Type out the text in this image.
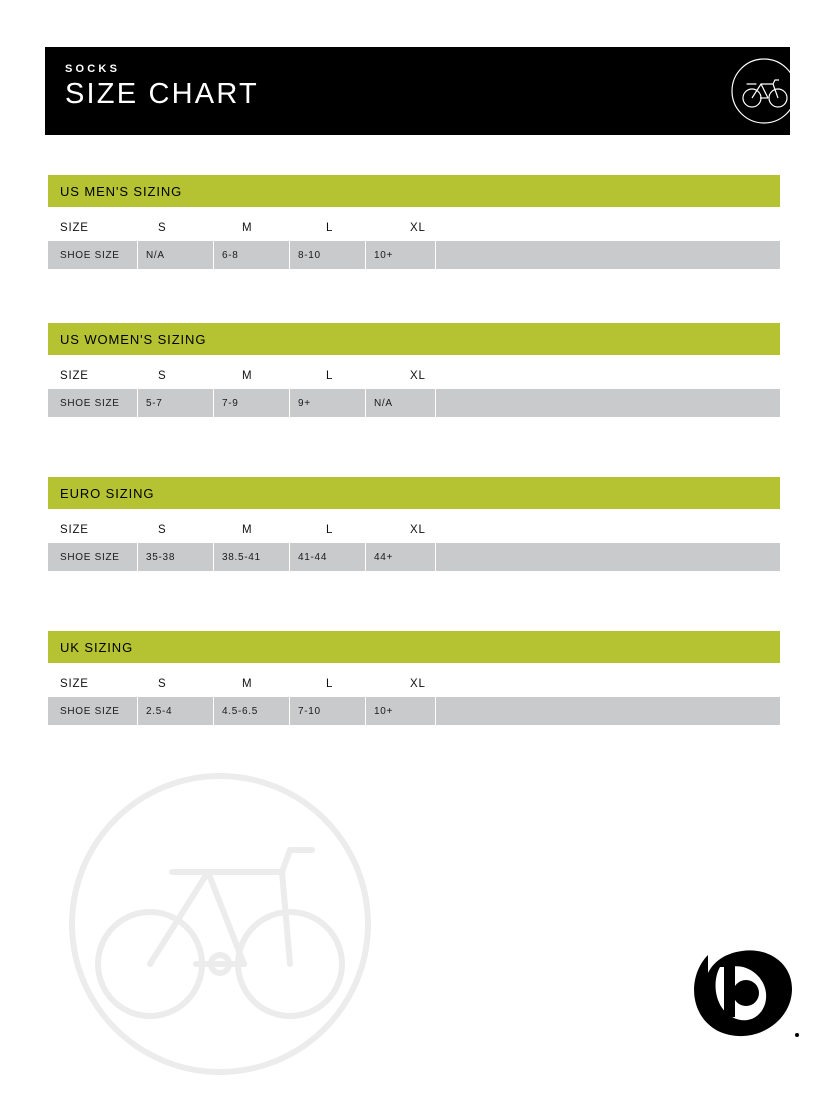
SOCKS
SIZE CHART
US MEN'S SIZING
SIZE	S	M	L	XL
SHOE SIZE	N/A	6-8	8-10	10+
US WOMEN'S SIZING
SIZE	S	M	L	XL
SHOE SIZE	5-7	7-9	9+	N/A
EURO SIZING
SIZE	S	M	L	XL
SHOE SIZE	35-38	38.5-41	41-44	44+
UK SIZING
SIZE	S	M	L	XL
SHOE SIZE	2.5-4	4.5-6.5	7-10	10+
